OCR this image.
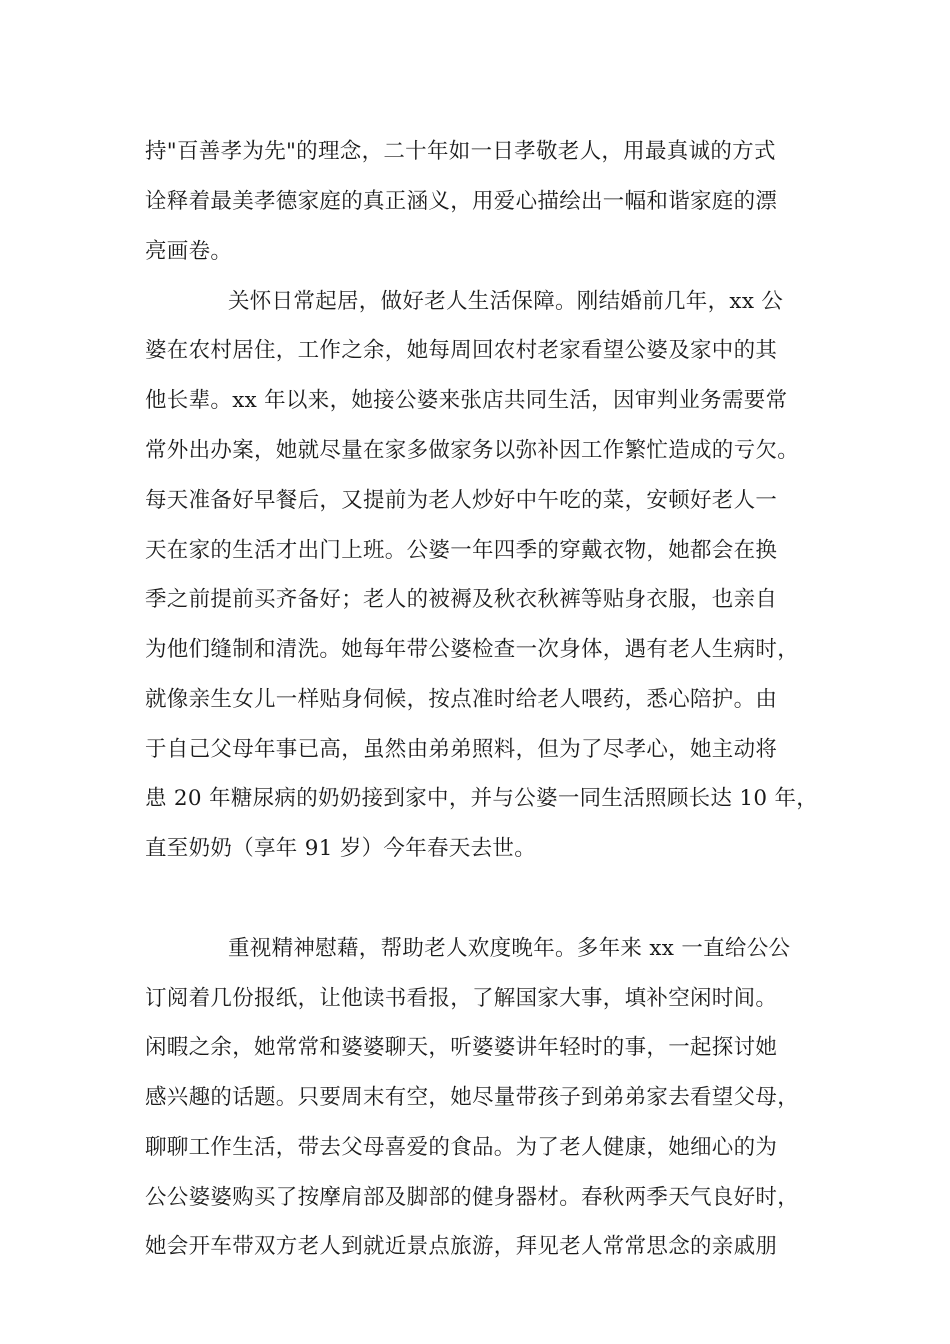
持"百善孝为先"的理念，二十年如一日孝敬老人，用最真诚的方式
诠释着最美孝德家庭的真正涵义，用爱心描绘出一幅和谐家庭的漂
亮画卷。
关怀日常起居，做好老人生活保障。刚结婚前几年，xx 公
婆在农村居住，工作之余，她每周回农村老家看望公婆及家中的其
他长辈。xx 年以来，她接公婆来张店共同生活，因审判业务需要常
常外出办案，她就尽量在家多做家务以弥补因工作繁忙造成的亏欠。
每天准备好早餐后，又提前为老人炒好中午吃的菜，安顿好老人一
天在家的生活才出门上班。公婆一年四季的穿戴衣物，她都会在换
季之前提前买齐备好；老人的被褥及秋衣秋裤等贴身衣服，也亲自
为他们缝制和清洗。她每年带公婆检查一次身体，遇有老人生病时，
就像亲生女儿一样贴身伺候，按点准时给老人喂药，悉心陪护。由
于自己父母年事已高，虽然由弟弟照料，但为了尽孝心，她主动将
患 20 年糖尿病的奶奶接到家中，并与公婆一同生活照顾长达 10 年，
直至奶奶（享年 91 岁）今年春天去世。
重视精神慰藉，帮助老人欢度晚年。多年来 xx 一直给公公
订阅着几份报纸，让他读书看报，了解国家大事，填补空闲时间。
闲暇之余，她常常和婆婆聊天，听婆婆讲年轻时的事，一起探讨她
感兴趣的话题。只要周末有空，她尽量带孩子到弟弟家去看望父母，
聊聊工作生活，带去父母喜爱的食品。为了老人健康，她细心的为
公公婆婆购买了按摩肩部及脚部的健身器材。春秋两季天气良好时，
她会开车带双方老人到就近景点旅游，拜见老人常常思念的亲戚朋
